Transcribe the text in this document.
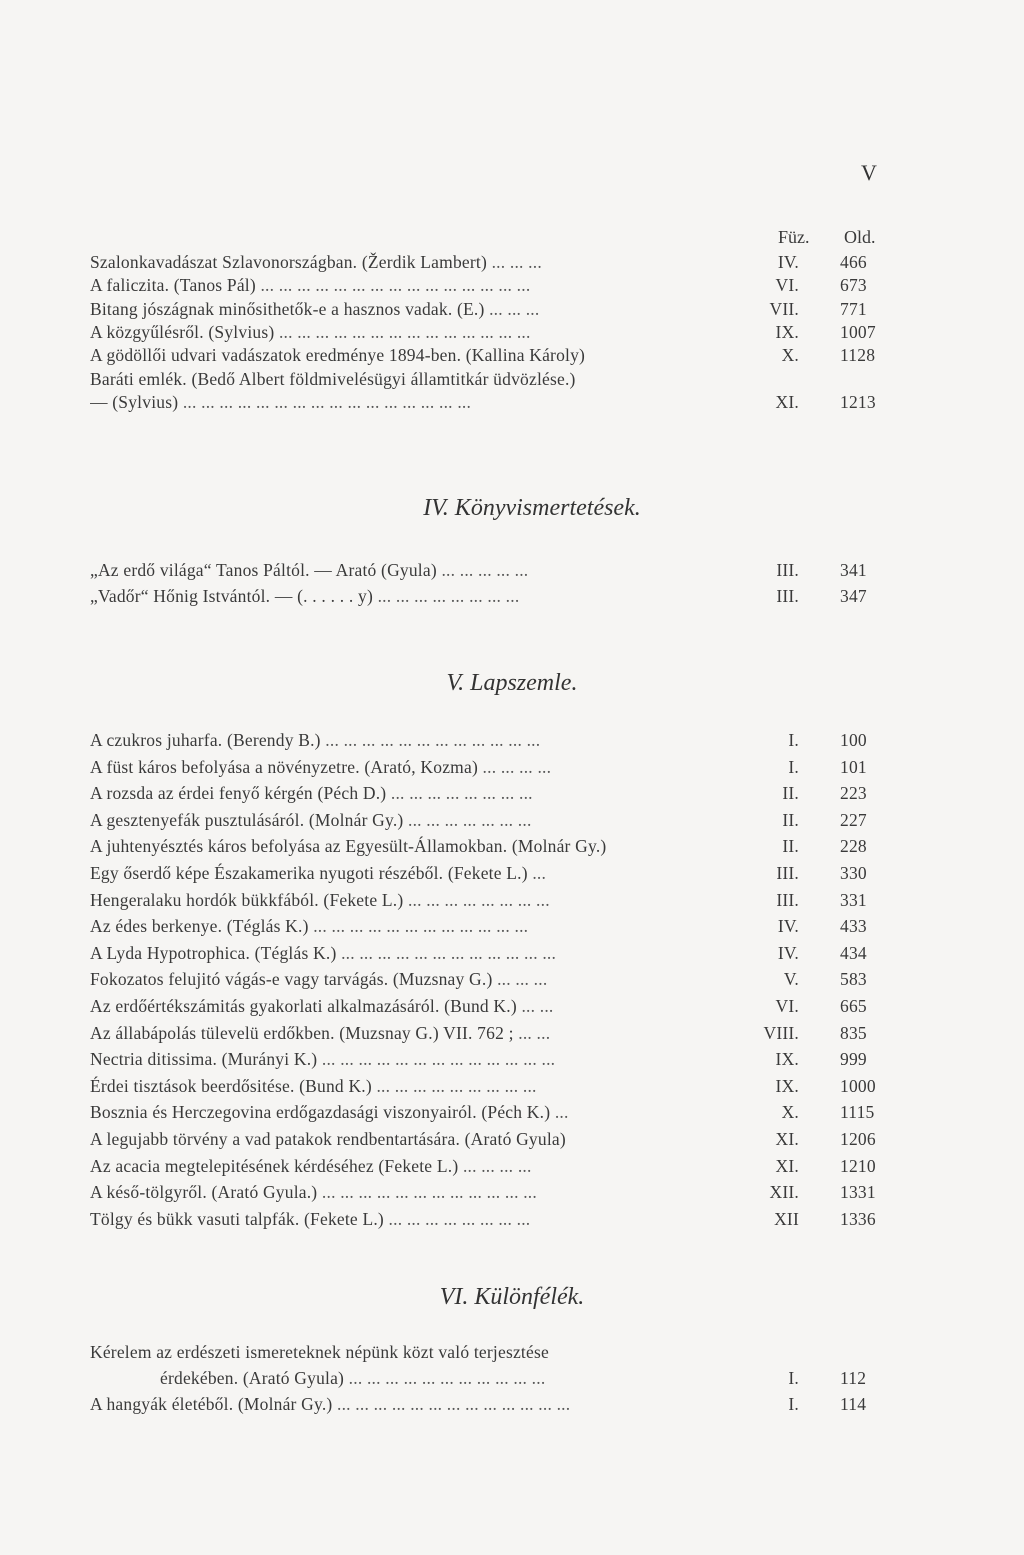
V
Füz. Old.
Szalonkavadászat Szlavonországban. (Žerdik Lambert) ... ... ...	IV. 466
A faliczita. (Tanos Pál) ... ... ... ... ... ... ... ... ... ... ... ... ... ... ...	VI. 673
Bitang jószágnak minősithetők-e a hasznos vadak. (E.) ... ... ...	VII. 771
A közgyűlésről. (Sylvius) ... ... ... ... ... ... ... ... ... ... ... ... ... ...	IX. 1007
A gödöllői udvari vadászatok eredménye 1894-ben. (Kallina Károly)	X. 1128
Baráti emlék. (Bedő Albert földmivelésügyi államtitkár üdvözlése.)
— (Sylvius) ... ... ... ... ... ... ... ... ... ... ... ... ... ... ... ...	XI. 1213
„Az erdő világa“ Tanos Páltól. — Arató (Gyula) ... ... ... ... ...	III. 341
„Vadőr“ Hőnig Istvántól. — (. . . . . . y) ... ... ... ... ... ... ... ...	III. 347
A czukros juharfa. (Berendy B.) ... ... ... ... ... ... ... ... ... ... ... ...	I. 100
A füst káros befolyása a növényzetre. (Arató, Kozma) ... ... ... ...	I. 101
A rozsda az érdei fenyő kérgén (Péch D.) ... ... ... ... ... ... ... ...	II. 223
A gesztenyefák pusztulásáról. (Molnár Gy.) ... ... ... ... ... ... ...	II. 227
A juhtenyésztés káros befolyása az Egyesült-Államokban. (Molnár Gy.)	II. 228
Egy őserdő képe Északamerika nyugoti részéből. (Fekete L.) ...	III. 330
Hengeralaku hordók bükkfából. (Fekete L.) ... ... ... ... ... ... ... ...	III. 331
Az édes berkenye. (Téglás K.) ... ... ... ... ... ... ... ... ... ... ... ...	IV. 433
A Lyda Hypotrophica. (Téglás K.) ... ... ... ... ... ... ... ... ... ... ... ...	IV. 434
Fokozatos felujitó vágás-e vagy tarvágás. (Muzsnay G.) ... ... ...	V. 583
Az erdőértékszámitás gyakorlati alkalmazásáról. (Bund K.) ... ...	VI. 665
Az állabápolás tülevelü erdőkben. (Muzsnay G.) VII. 762 ; ... ...	VIII. 835
Nectria ditissima. (Murányi K.) ... ... ... ... ... ... ... ... ... ... ... ... ...	IX. 999
Érdei tisztások beerdősitése. (Bund K.) ... ... ... ... ... ... ... ... ...	IX. 1000
Bosznia és Herczegovina erdőgazdasági viszonyairól. (Péch K.) ...	X. 1115
A legujabb törvény a vad patakok rendbentartására. (Arató Gyula)	XI. 1206
Az acacia megtelepitésének kérdéséhez (Fekete L.) ... ... ... ...	XI. 1210
A késő-tölgyről. (Arató Gyula.) ... ... ... ... ... ... ... ... ... ... ... ...	XII. 1331
Tölgy és bükk vasuti talpfák. (Fekete L.) ... ... ... ... ... ... ... ...	XII 1336
Kérelem az erdészeti ismereteknek népünk közt való terjesztése
érdekében. (Arató Gyula) ... ... ... ... ... ... ... ... ... ... ...	I. 112
A hangyák életéből. (Molnár Gy.) ... ... ... ... ... ... ... ... ... ... ... ... ...	I. 114
IV. Könyvismertetések.
V. Lapszemle.
VI. Különfélék.
